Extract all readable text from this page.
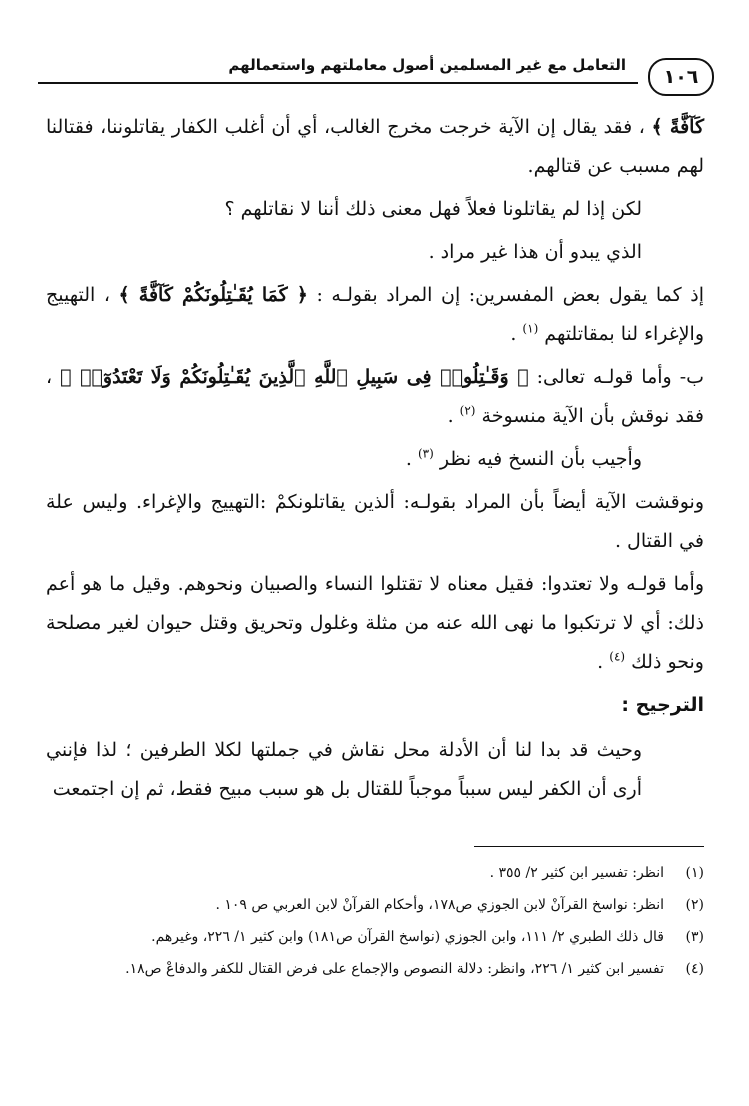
التعامل مع غير المسلمين أصول معاملتهم واستعمالهم
١٠٦

كَآفَّةً ﴾ ، فقد يقال إن الآية خرجت مخرج الغالب، أي أن أغلب الكفار يقاتلوننا، فقتالنا لهم مسبب عن قتالهم.

لكن إذا لم يقاتلونا فعلاً فهل معنى ذلك أننا لا نقاتلهم ؟

الذي يبدو أن هذا غير مراد .

إذ كما يقول بعض المفسرين: إن المراد بقولـه : ﴿ كَمَا يُقَـٰتِلُونَكُمْ كَآفَّةً ﴾ ، التهييج والإغراء لنا بمقاتلتهم $^{(١)}$ .

ب- وأما قولـه تعالى: ﴿ وَقَـٰتِلُوا۟ فِى سَبِيلِ ٱللَّهِ ٱلَّذِينَ يُقَـٰتِلُونَكُمْ وَلَا تَعْتَدُوٓا۟ ﴾ ، فقد نوقش بأن الآية منسوخة $^{(٢)}$ .

وأجيب بأن النسخ فيه نظر $^{(٣)}$ .

ونوقشت الآية أيضاً بأن المراد بقولـه: ألذين يقاتلونكمْ :التهييج والإغراء. وليس علة في القتال .

وأما قولـه ولا تعتدوا: فقيل معناه لا تقتلوا النساء والصبيان ونحوهم. وقيل ما هو أعم ذلك: أي لا ترتكبوا ما نهى الله عنه من مثلة وغلول وتحريق وقتل حيوان لغير مصلحة ونحو ذلك $^{(٤)}$ .

الترجيح :

وحيث قد بدا لنا أن الأدلة محل نقاش في جملتها لكلا الطرفين ؛ لذا فإنني أرى أن الكفر ليس سبباً موجباً للقتال بل هو سبب مبيح فقط، ثم إن اجتمعت

(١)
انظر: تفسير ابن كثير ٢/ ٣٥٥ .
(٢)
انظر: نواسخ القرآنْ لابن الجوزي ص١٧٨، وأحكام القرآنْ لابن العربي ص ١٠٩ .
(٣)
قال ذلك الطبري ٢/ ١١١، وابن الجوزي (نواسخ القرآن ص١٨١) وابن كثير ١/ ٢٢٦، وغيرهم.
(٤)
تفسير ابن كثير ١/ ٢٢٦، وانظر: دلالة النصوص والإجماع على فرض القتال للكفر والدفاعْ ص١٨.
